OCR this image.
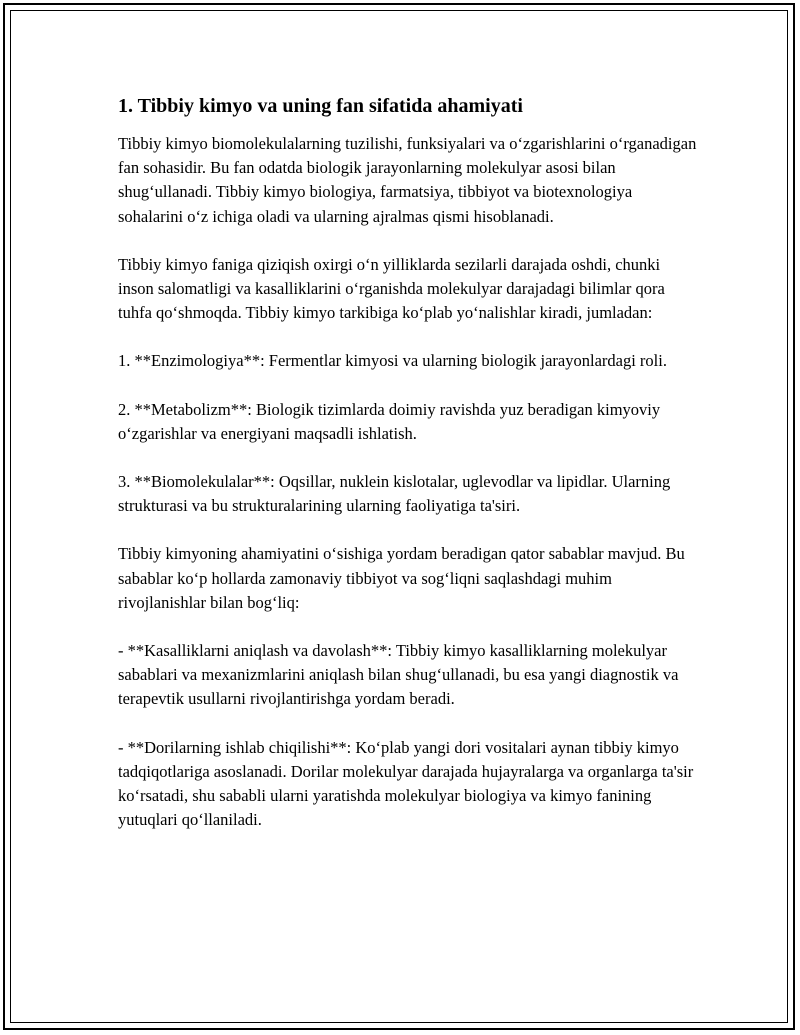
1. Tibbiy kimyo va uning fan sifatida ahamiyati

Tibbiy kimyo biomolekulalarning tuzilishi, funksiyalari va o‘zgarishlarini o‘rganadigan fan sohasidir. Bu fan odatda biologik jarayonlarning molekulyar asosi bilan shug‘ullanadi. Tibbiy kimyo biologiya, farmatsiya, tibbiyot va biotexnologiya sohalarini o‘z ichiga oladi va ularning ajralmas qismi hisoblanadi.

Tibbiy kimyo faniga qiziqish oxirgi o‘n yilliklarda sezilarli darajada oshdi, chunki inson salomatligi va kasalliklarini o‘rganishda molekulyar darajadagi bilimlar qora tuhfa qo‘shmoqda. Tibbiy kimyo tarkibiga ko‘plab yo‘nalishlar kiradi, jumladan:

1. **Enzimologiya**: Fermentlar kimyosi va ularning biologik jarayonlardagi roli.

2. **Metabolizm**: Biologik tizimlarda doimiy ravishda yuz beradigan kimyoviy o‘zgarishlar va energiyani maqsadli ishlatish.

3. **Biomolekulalar**: Oqsillar, nuklein kislotalar, uglevodlar va lipidlar. Ularning strukturasi va bu strukturalarining ularning faoliyatiga ta'siri.

Tibbiy kimyoning ahamiyatini o‘sishiga yordam beradigan qator sabablar mavjud. Bu sabablar ko‘p hollarda zamonaviy tibbiyot va sog‘liqni saqlashdagi muhim rivojlanishlar bilan bog‘liq:

- **Kasalliklarni aniqlash va davolash**: Tibbiy kimyo kasalliklarning molekulyar sabablari va mexanizmlarini aniqlash bilan shug‘ullanadi, bu esa yangi diagnostik va terapevtik usullarni rivojlantirishga yordam beradi.

- **Dorilarning ishlab chiqilishi**: Ko‘plab yangi dori vositalari aynan tibbiy kimyo tadqiqotlariga asoslanadi. Dorilar molekulyar darajada hujayralarga va organlarga ta'sir ko‘rsatadi, shu sababli ularni yaratishda molekulyar biologiya va kimyo fanining yutuqlari qo‘llaniladi.
